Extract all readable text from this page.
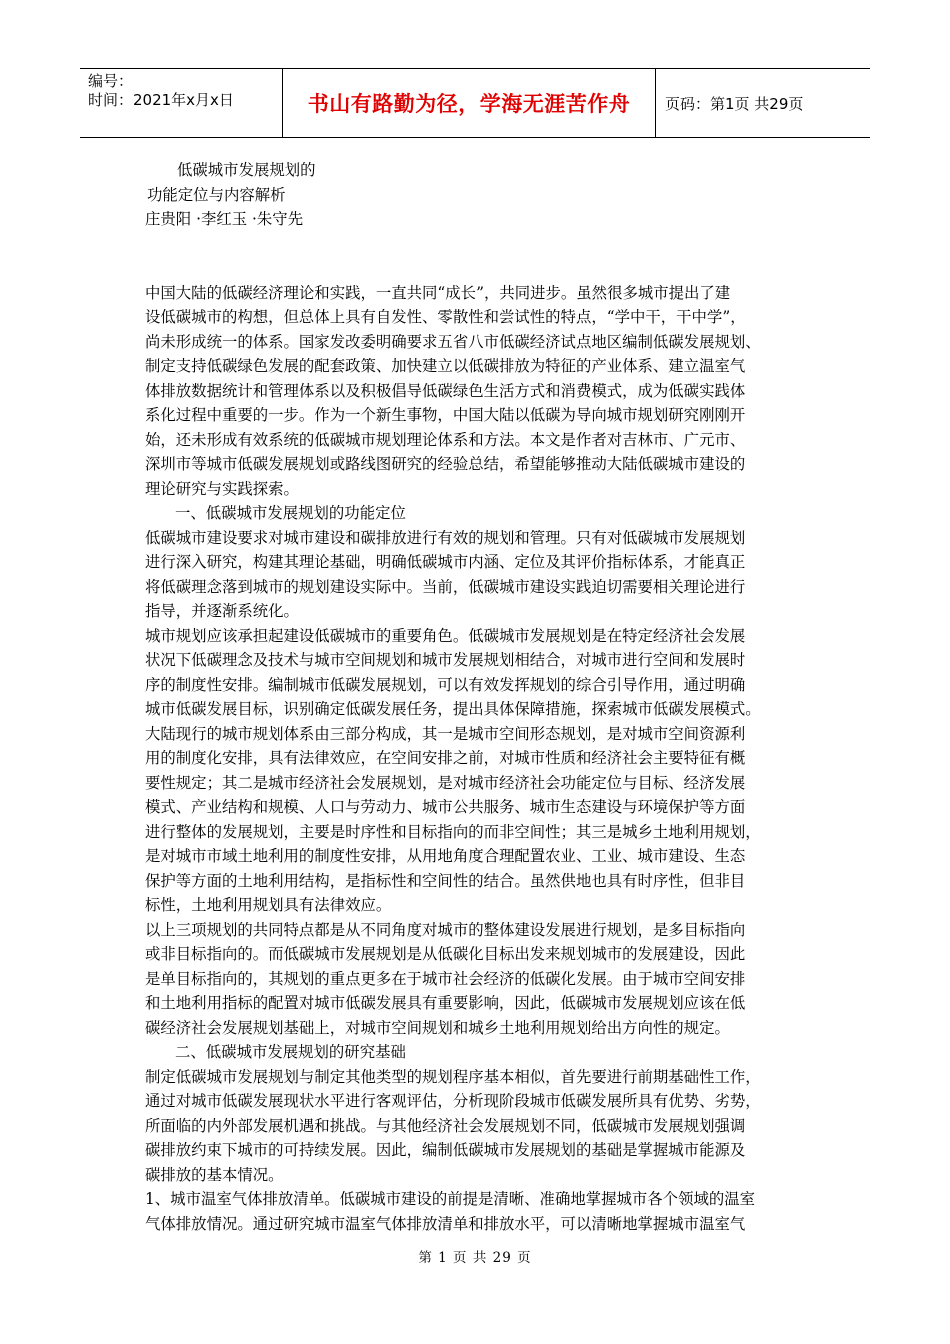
编号：
时间：2021年x月x日	书山有路勤为径，学海无涯苦作舟	页码：第1页 共29页

低碳城市发展规划的

功能定位与内容解析

庄贵阳 ·李红玉 ·朱守先

中国大陆的低碳经济理论和实践，一直共同“成长”，共同进步。虽然很多城市提出了建

设低碳城市的构想，但总体上具有自发性、零散性和尝试性的特点，“学中干，干中学”，

尚未形成统一的体系。国家发改委明确要求五省八市低碳经济试点地区编制低碳发展规划、

制定支持低碳绿色发展的配套政策、加快建立以低碳排放为特征的产业体系、建立温室气

体排放数据统计和管理体系以及积极倡导低碳绿色生活方式和消费模式，成为低碳实践体

系化过程中重要的一步。作为一个新生事物，中国大陆以低碳为导向城市规划研究刚刚开

始，还未形成有效系统的低碳城市规划理论体系和方法。本文是作者对吉林市、广元市、

深圳市等城市低碳发展规划或路线图研究的经验总结，希望能够推动大陆低碳城市建设的

理论研究与实践探索。

一、低碳城市发展规划的功能定位

低碳城市建设要求对城市建设和碳排放进行有效的规划和管理。只有对低碳城市发展规划

进行深入研究，构建其理论基础，明确低碳城市内涵、定位及其评价指标体系，才能真正

将低碳理念落到城市的规划建设实际中。当前，低碳城市建设实践迫切需要相关理论进行

指导，并逐渐系统化。

城市规划应该承担起建设低碳城市的重要角色。低碳城市发展规划是在特定经济社会发展

状况下低碳理念及技术与城市空间规划和城市发展规划相结合，对城市进行空间和发展时

序的制度性安排。编制城市低碳发展规划，可以有效发挥规划的综合引导作用，通过明确

城市低碳发展目标，识别确定低碳发展任务，提出具体保障措施，探索城市低碳发展模式。

大陆现行的城市规划体系由三部分构成，其一是城市空间形态规划，是对城市空间资源利

用的制度化安排，具有法律效应，在空间安排之前，对城市性质和经济社会主要特征有概

要性规定；其二是城市经济社会发展规划，是对城市经济社会功能定位与目标、经济发展

模式、产业结构和规模、人口与劳动力、城市公共服务、城市生态建设与环境保护等方面

进行整体的发展规划，主要是时序性和目标指向的而非空间性；其三是城乡土地利用规划，

是对城市市域土地利用的制度性安排，从用地角度合理配置农业、工业、城市建设、生态

保护等方面的土地利用结构，是指标性和空间性的结合。虽然供地也具有时序性，但非目

标性，土地利用规划具有法律效应。

以上三项规划的共同特点都是从不同角度对城市的整体建设发展进行规划，是多目标指向

或非目标指向的。而低碳城市发展规划是从低碳化目标出发来规划城市的发展建设，因此

是单目标指向的，其规划的重点更多在于城市社会经济的低碳化发展。由于城市空间安排

和土地利用指标的配置对城市低碳发展具有重要影响，因此，低碳城市发展规划应该在低

碳经济社会发展规划基础上，对城市空间规划和城乡土地利用规划给出方向性的规定。

二、低碳城市发展规划的研究基础

制定低碳城市发展规划与制定其他类型的规划程序基本相似，首先要进行前期基础性工作，

通过对城市低碳发展现状水平进行客观评估，分析现阶段城市低碳发展所具有优势、劣势，

所面临的内外部发展机遇和挑战。与其他经济社会发展规划不同，低碳城市发展规划强调

碳排放约束下城市的可持续发展。因此，编制低碳城市发展规划的基础是掌握城市能源及

碳排放的基本情况。

1、城市温室气体排放清单。低碳城市建设的前提是清晰、准确地掌握城市各个领域的温室

气体排放情况。通过研究城市温室气体排放清单和排放水平，可以清晰地掌握城市温室气

第 1 页 共 29 页
